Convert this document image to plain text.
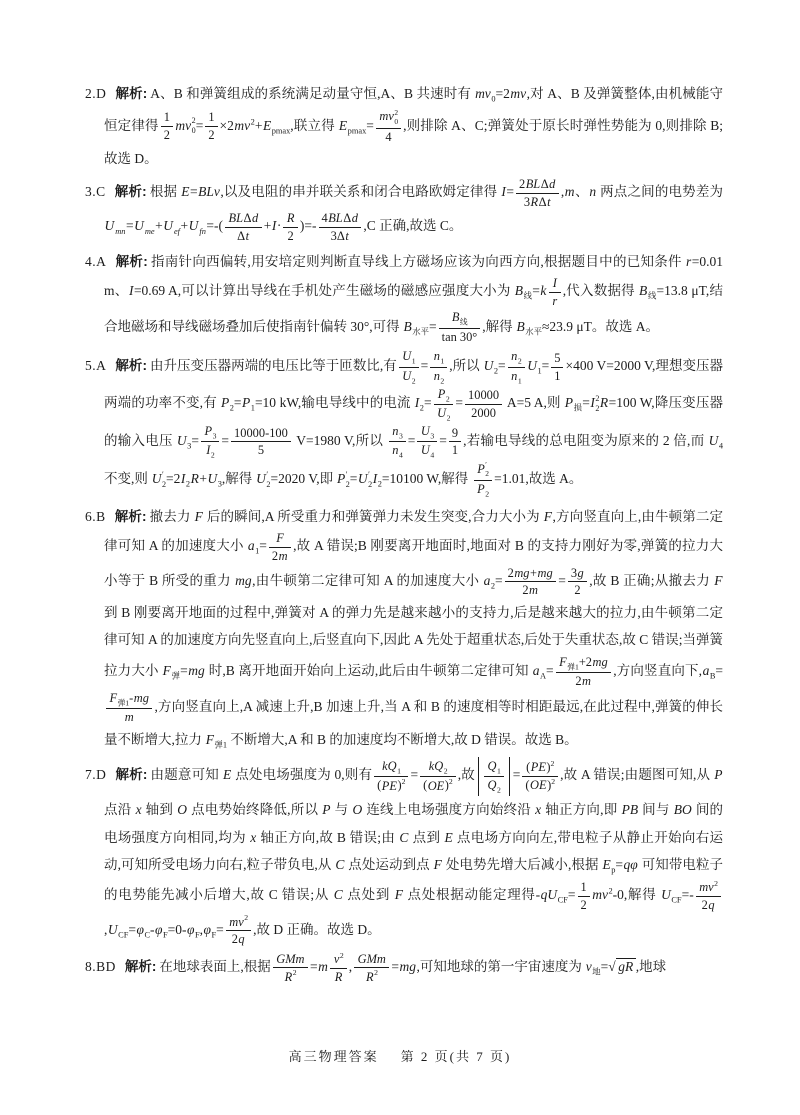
2.D 解析: A、B 和弹簧组成的系统满足动量守恒,A、B 共速时有 $mv_0=2mv$,对 A、B 及弹簧整体,由机械能守恒定律得 $\frac{1}{2}$ mv 2
$0 = \frac{1}{2} \times 2mv^2+E_{pmax}$,联立得 $E_{pmax}=$ mv 2
0
4 ,则排除 A、C;弹簧处于原长时弹性势能为 0,则排除 B;故选 D。
3.C 解析: 根据 E=BLv,以及电阻的串并联关系和闭合电路欧姆定律得 I=
2BLΔd
3RΔt
,m、n 两点之间的电势差为 $U_{mn}=U_{me}+U_{ef}+U_{fn}=-$(
BLΔd
Δt
$+I\cdot \frac{R}{2}$ )=-
4BLΔd
3Δt
,C 正确,故选 C。
4.A 解析: 指南针向西偏转,用安培定则判断直导线上方磁场应该为向西方向,根据题目中的已知条件 r=0.01 m、I=0.69 A,可以计算出导线在手机处产生磁场的磁感应强度大小为 $B_线=k \frac{I}{r}$ ,代入数据得 $B_线=13.8$ μT,结合地磁场和导线磁场叠加后使指南针偏转 30°,可得 $B_{水平}=$
$B_线$
tan 30°
,解得 $B_{水平}\approx 23.9$ μT。故选 A。
5.A 解析: 由升压变压器两端的电压比等于匝数比,有 $\frac{U_1}{U_2} = \frac{n_1}{n_2}$ ,所以 $U_2= \frac{n_2}{n_1} U_1= \frac{5}{1} \times 400$ V=2000 V,理想变压器两端的功率不变,有 $P_2=P_1=10$ kW,输电导线中的电流 $I_2= \frac{P_2}{U_2} = \frac{10000}{2000} A=5$ A,则 $P_损=I$ 2
2 R=100 W,降压变压器的输入电压 $U_3= \frac{P_3}{I_2} = \frac{10000-100}{5} V=1980$ V,所以 $\frac{n_3}{n_4} = \frac{U_3}{U_4} = \frac{9}{1}$ ,若输电导线的总电阻变为原来的 2 倍,而 $U_4$ 不变,则 U ′
$2 =2I_2R+U_3$,解得 U ′
2 =2020 V,即 P ′
2 =U ′
2 $I_2=10100$ W,解得 P ′
2
$P_2 =1.01$,故选 A。
6.B 解析: 撤去力 F 后的瞬间,A 所受重力和弹簧弹力未发生突变,合力大小为 F,方向竖直向上,由牛顿第二定律可知 A 的加速度大小 $a_1= \frac{F}{2m}$ ,故 A 错误;B 刚要离开地面时,地面对 B 的支持力刚好为零,弹簧的拉力大小等于 B 所受的重力 mg,由牛顿第二定律可知 A 的加速度大小 $a_2= \frac{2mg+mg}{2m} = \frac{3g}{2}$ ,故 B 正确;从撤去力 F 到 B 刚要离开地面的过程中,弹簧对 A 的弹力先是越来越小的支持力,后是越来越大的拉力,由牛顿第二定律可知 A 的加速度方向先竖直向上,后竖直向下,因此 A 先处于超重状态,后处于失重状态,故 C 错误;当弹簧拉力大小 $F_弹=mg$ 时,B 离开地面开始向上运动,此后由牛顿第二定律可知 $a_A=$
$F_{弹1}+2mg$
2m
,方向竖直向下$,a_B=$
$F_{弹1}-mg$
m
,方向竖直向上,A 减速上升,B 加速上升,当 A 和 B 的速度相等时相距最远,在此过程中,弹簧的伸长量不断增大,拉力 $F_{弹1}$ 不断增大,A 和 B 的加速度均不断增大,故 D 错误。故选 B。
7.D 解析: 由题意可知 E 点处电场强度为 0,则有 $\frac{kQ_1}{(PE)^2} = \frac{kQ_2}{(OE)^2}$ ,故 $\frac{Q_1}{Q_2} = \frac{(PE)^2}{(OE)^2}$ ,故 A 错误;由题图可知,从 P 点沿 x 轴到 O 点电势始终降低,所以 P 与 O 连线上电场强度方向始终沿 x 轴正方向,即 PB 间与 BO 间的电场强度方向相同,均为 x 轴正方向,故 B 错误;由 C 点到 E 点电场方向向左,带电粒子从静止开始向右运动,可知所受电场力向右,粒子带负电,从 C 点处运动到点 F 处电势先增大后减小,根据 $E_p=q\varphi$ 可知带电粒子的电势能先减小后增大,故 C 错误;从 C 点处到 F 点处根据动能定理得$-qU_{CF}= \frac{1}{2} mv^2-0$,解得 $U_{CF}=- \frac{mv^2}{2q}$
$,U_{CF}=\varphi_C-\varphi_F=0-\varphi_F,\varphi_F= \frac{mv^2}{2q}$ ,故 D 正确。故选 D。
8.BD 解析: 在地球表面上,根据
GMm
$R^2 =m \frac{v^2}{R}$ ,
GMm
$R^2 =mg$,可知地球的第一宇宙速度为 $v_地=√$ gR ,地球
高三物理答案 第 2 页(共 7 页)
